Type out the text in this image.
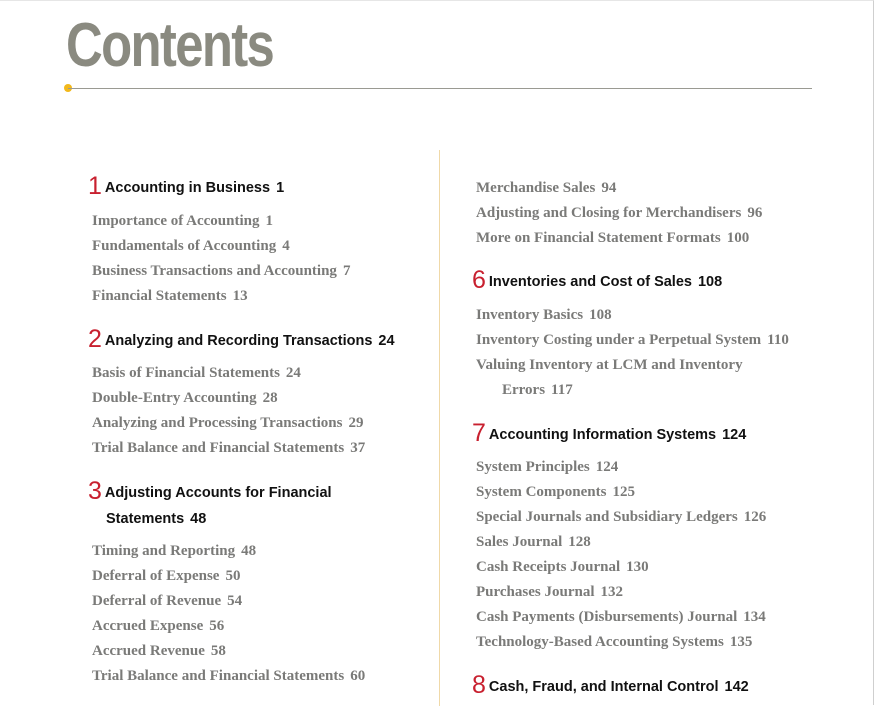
Contents
1 Accounting in Business 1
Importance of Accounting 1
Fundamentals of Accounting 4
Business Transactions and Accounting 7
Financial Statements 13
2 Analyzing and Recording Transactions 24
Basis of Financial Statements 24
Double-Entry Accounting 28
Analyzing and Processing Transactions 29
Trial Balance and Financial Statements 37
3 Adjusting Accounts for Financial
Statements 48
Timing and Reporting 48
Deferral of Expense 50
Deferral of Revenue 54
Accrued Expense 56
Accrued Revenue 58
Trial Balance and Financial Statements 60
Merchandise Sales 94
Adjusting and Closing for Merchandisers 96
More on Financial Statement Formats 100
6 Inventories and Cost of Sales 108
Inventory Basics 108
Inventory Costing under a Perpetual System 110
Valuing Inventory at LCM and Inventory
Errors 117
7 Accounting Information Systems 124
System Principles 124
System Components 125
Special Journals and Subsidiary Ledgers 126
Sales Journal 128
Cash Receipts Journal 130
Purchases Journal 132
Cash Payments (Disbursements) Journal 134
Technology-Based Accounting Systems 135
8 Cash, Fraud, and Internal Control 142
